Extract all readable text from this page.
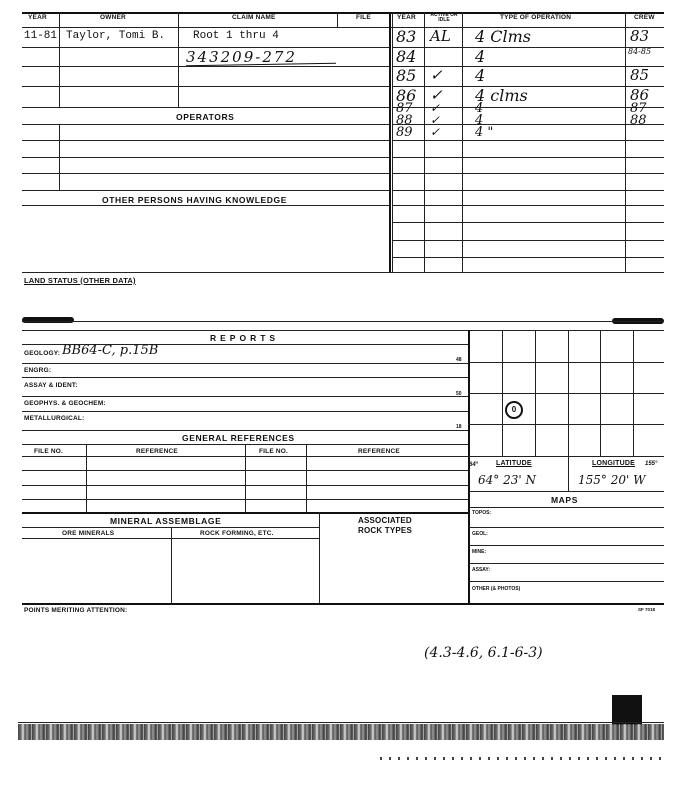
YEAR	OWNER	CLAIM NAME	FILE	YEAR	ACTIVE OR IDLE	TYPE OF OPERATION	CREW
11-81 Taylor, Tomi B.	Root 1 thru 4
343209-272
OPERATORS
OTHER PERSONS HAVING KNOWLEDGE
83 AL 4 Clms	83
84	4	84-85
85 ✓ 4	85
86 ✓ 4 clms	86
87 ✓	4	87
88 ✓	4	88
89 ✓	4 "
LAND STATUS (OTHER DATA)
REPORTS
GEOLOGY: BB64-C, p.15B
ENGRG:
ASSAY & IDENT:
GEOPHYS. & GEOCHEM:
METALLURGICAL:
48
50
18
GENERAL REFERENCES
FILE NO.	REFERENCE	FILE NO.	REFERENCE
MINERAL ASSEMBLAGE	ASSOCIATED
ROCK TYPES
ORE MINERALS	ROCK FORMING, ETC.
0
64°	LATITUDE	LONGITUDE 155°
64° 23' N	155° 20' W
MAPS
TOPOS:
GEOL:
MINE:
ASSAY:
OTHER (& PHOTOS)
POINTS MERITING ATTENTION:	SF 7018
(4.3-4.6, 6.1-6-3)
